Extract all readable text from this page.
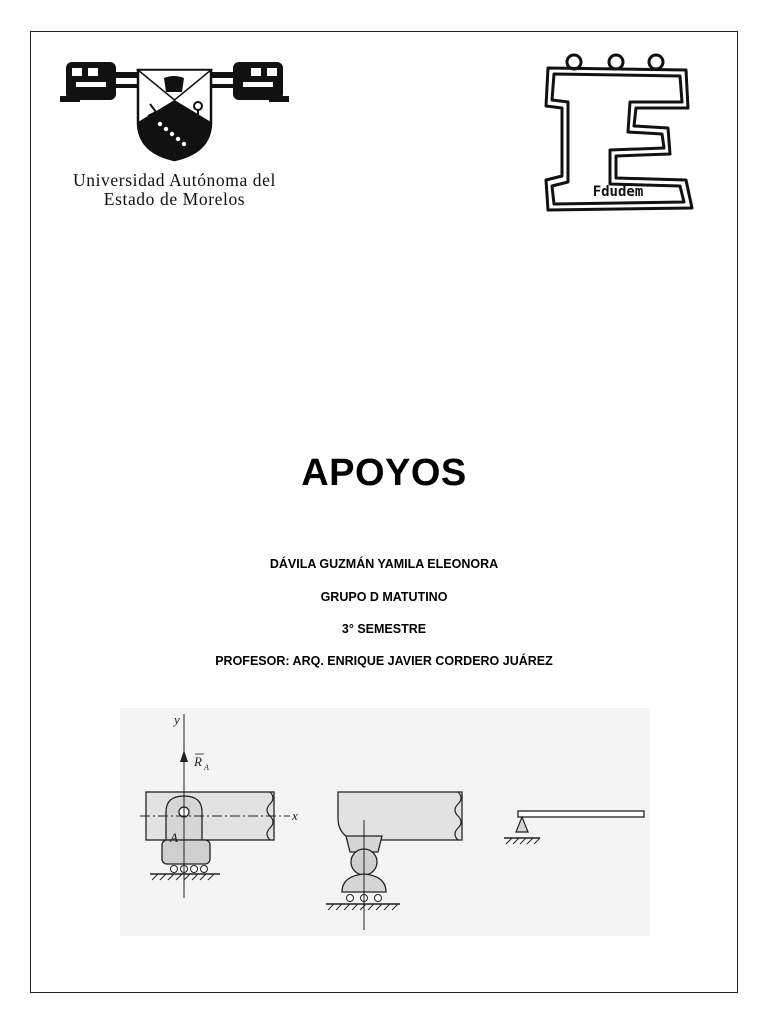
Universidad Autónoma del
Estado de Morelos	Fdudem
APOYOS
DÁVILA GUZMÁN YAMILA ELEONORA
GRUPO D MATUTINO
3° SEMESTRE
PROFESOR: ARQ. ENRIQUE JAVIER CORDERO JUÁREZ
y
x
R A
A
